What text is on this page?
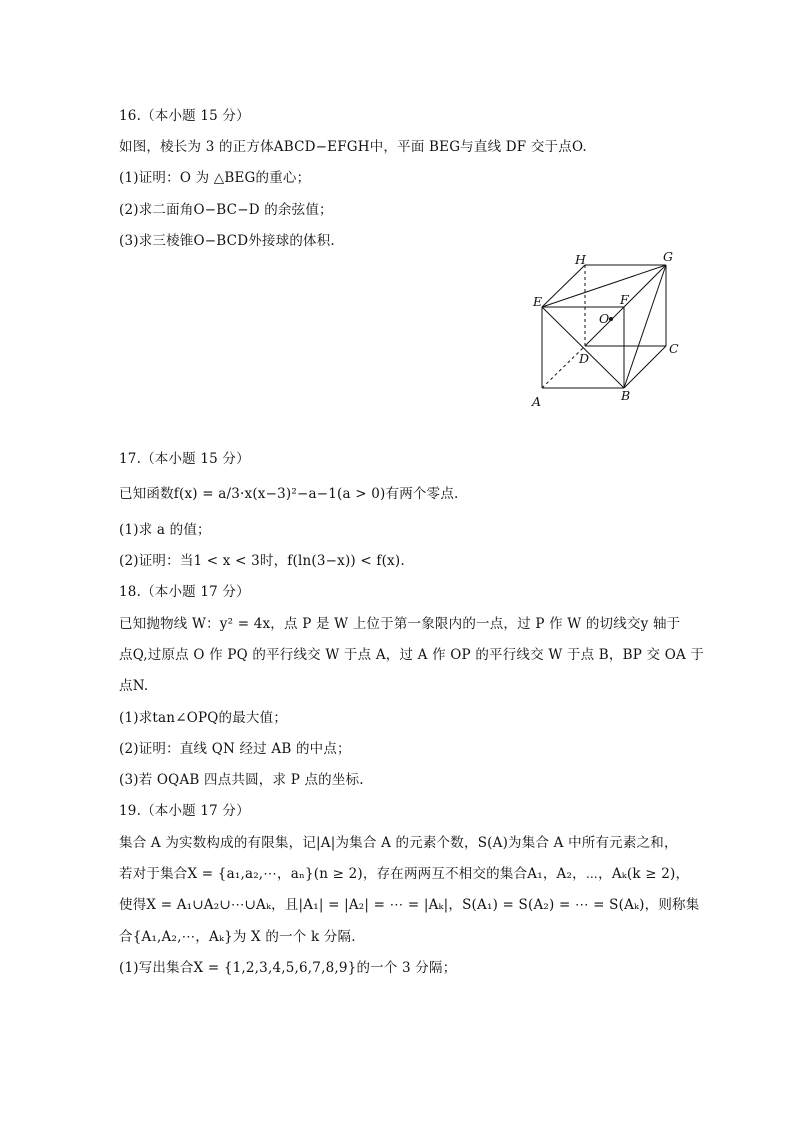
16.（本小题 15 分）
如图，棱长为 3 的正方体ABCD−EFGH中，平面 BEG与直线 DF 交于点O.
(1)证明：O 为 △BEG的重心；
(2)求二面角O−BC−D 的余弦值；
(3)求三棱锥O−BCD外接球的体积.
A	B
C
D
E	F
G
H
O
17.（本小题 15 分）
已知函数f(x) = a/3·x(x−3)²−a−1(a > 0)有两个零点.
(1)求 a 的值；
(2)证明：当1 < x < 3时，f(ln(3−x)) < f(x).
18.（本小题 17 分）
已知抛物线 W：y² = 4x，点 P 是 W 上位于第一象限内的一点，过 P 作 W 的切线交y 轴于
点Q,过原点 O 作 PQ 的平行线交 W 于点 A，过 A 作 OP 的平行线交 W 于点 B，BP 交 OA 于
点N.
(1)求tan∠OPQ的最大值；
(2)证明：直线 QN 经过 AB 的中点；
(3)若 OQAB 四点共圆，求 P 点的坐标.
19.（本小题 17 分）
集合 A 为实数构成的有限集，记|A|为集合 A 的元素个数，S(A)为集合 A 中所有元素之和，
若对于集合X = {a₁,a₂,⋯，aₙ}(n ≥ 2)，存在两两互不相交的集合A₁，A₂，⋯，Aₖ(k ≥ 2)，
使得X = A₁∪A₂∪⋯∪Aₖ，且|A₁| = |A₂| = ⋯ = |Aₖ|，S(A₁) = S(A₂) = ⋯ = S(Aₖ)，则称集
合{A₁,A₂,⋯，Aₖ}为 X 的一个 k 分隔.
(1)写出集合X = {1,2,3,4,5,6,7,8,9}的一个 3 分隔；
